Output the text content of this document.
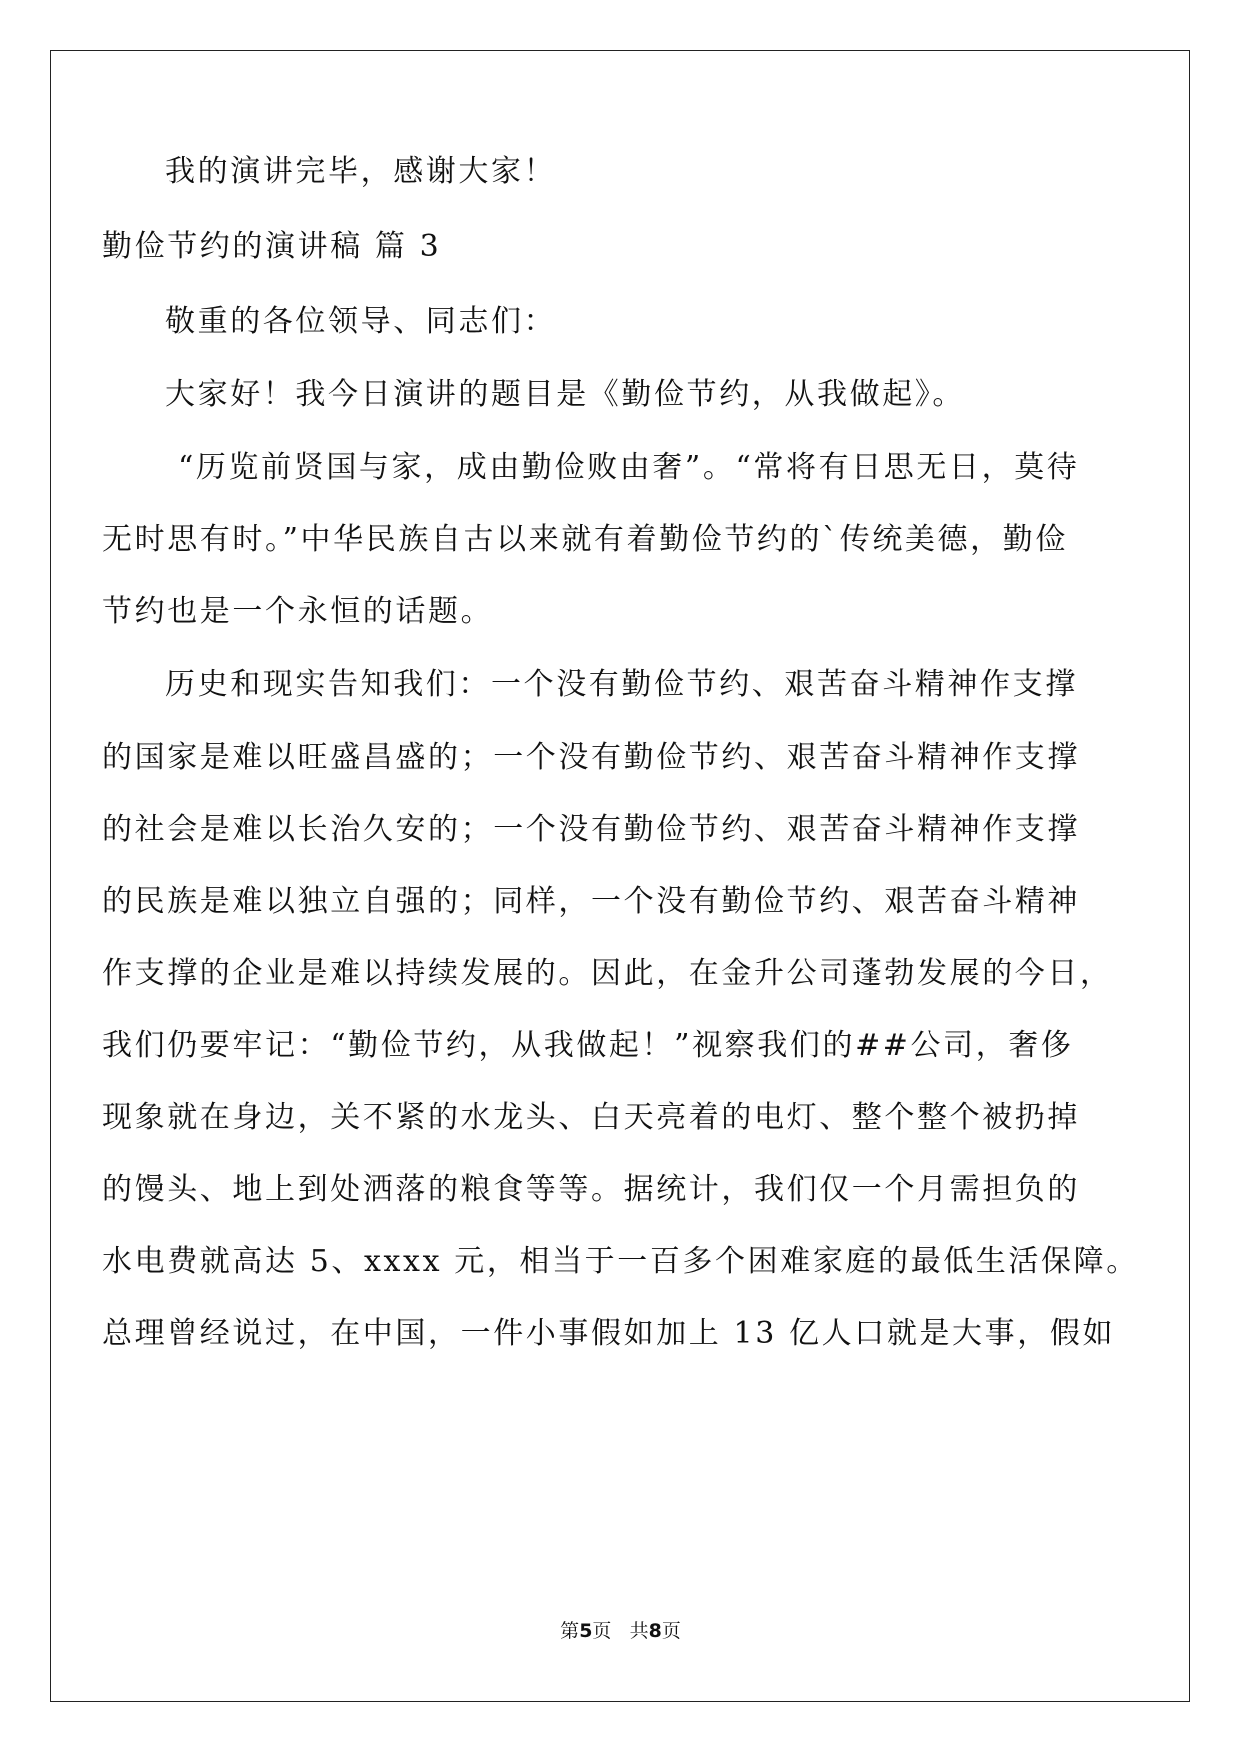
我的演讲完毕，感谢大家！
勤俭节约的演讲稿 篇 3
敬重的各位领导、同志们：
大家好！我今日演讲的题目是《勤俭节约，从我做起》。
“历览前贤国与家，成由勤俭败由奢”。“常将有日思无日，莫待
无时思有时。”中华民族自古以来就有着勤俭节约的`传统美德，勤俭
节约也是一个永恒的话题。
历史和现实告知我们：一个没有勤俭节约、艰苦奋斗精神作支撑
的国家是难以旺盛昌盛的；一个没有勤俭节约、艰苦奋斗精神作支撑
的社会是难以长治久安的；一个没有勤俭节约、艰苦奋斗精神作支撑
的民族是难以独立自强的；同样，一个没有勤俭节约、艰苦奋斗精神
作支撑的企业是难以持续发展的。因此，在金升公司蓬勃发展的今日，
我们仍要牢记：“勤俭节约，从我做起！”视察我们的##公司，奢侈
现象就在身边，关不紧的水龙头、白天亮着的电灯、整个整个被扔掉
的馒头、地上到处洒落的粮食等等。据统计，我们仅一个月需担负的
水电费就高达 5、xxxx 元，相当于一百多个困难家庭的最低生活保障。
总理曾经说过，在中国，一件小事假如加上 13 亿人口就是大事，假如
第5页 共8页
